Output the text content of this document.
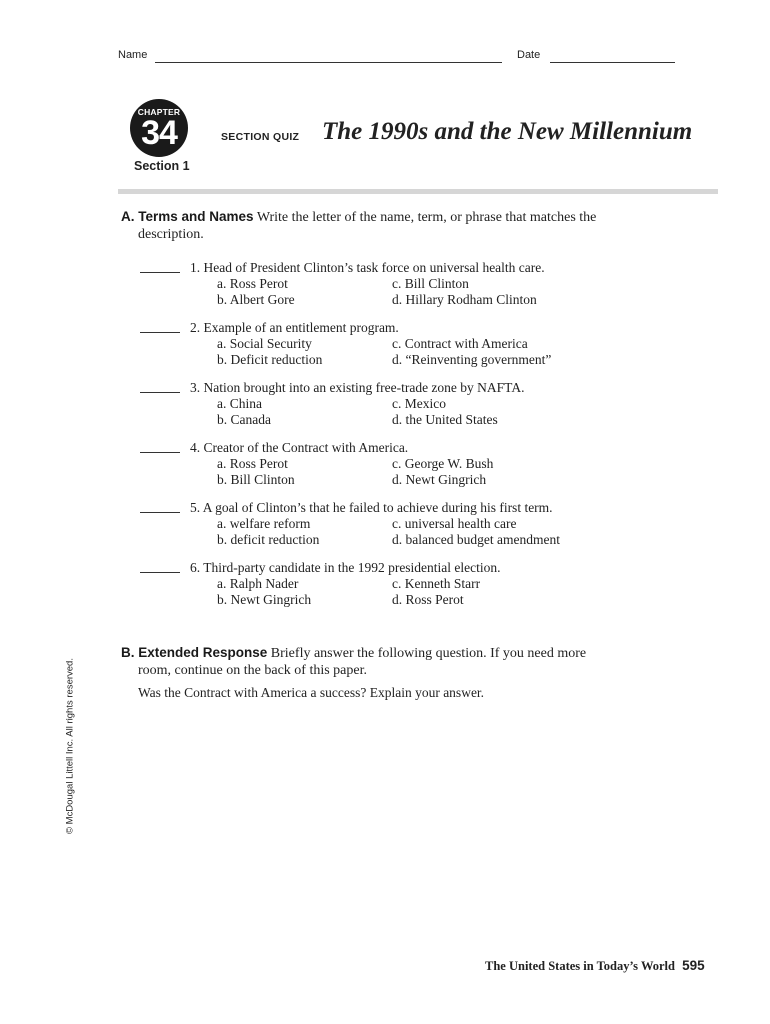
Name	Date
CHAPTER
34
Section 1
SECTION QUIZ The 1990s and the New Millennium
A. Terms and Names Write the letter of the name, term, or phrase that matches the
description.
1. Head of President Clinton’s task force on universal health care.
a. Ross Perot	c. Bill Clinton
b. Albert Gore	d. Hillary Rodham Clinton
2. Example of an entitlement program.
a. Social Security	c. Contract with America
b. Deficit reduction	d. “Reinventing government”
3. Nation brought into an existing free-trade zone by NAFTA.
a. China	c. Mexico
b. Canada	d. the United States
4. Creator of the Contract with America.
a. Ross Perot	c. George W. Bush
b. Bill Clinton	d. Newt Gingrich
5. A goal of Clinton’s that he failed to achieve during his first term.
a. welfare reform	c. universal health care
b. deficit reduction	d. balanced budget amendment
6. Third-party candidate in the 1992 presidential election.
a. Ralph Nader	c. Kenneth Starr
b. Newt Gingrich	d. Ross Perot
B. Extended Response Briefly answer the following question. If you need more
room, continue on the back of this paper.
Was the Contract with America a success? Explain your answer.
© McDougal Littell Inc. All rights reserved.
The United States in Today’s World 595
